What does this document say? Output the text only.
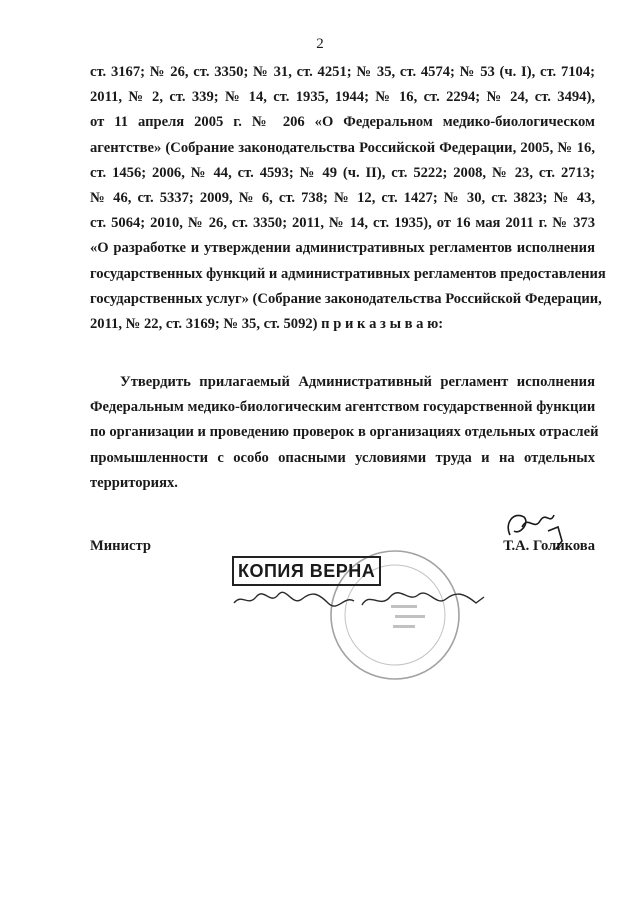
2
ст. 3167; № 26, ст. 3350; № 31, ст. 4251; № 35, ст. 4574; № 53 (ч. I), ст. 7104;
2011, № 2, ст. 339; № 14, ст. 1935, 1944; № 16, ст. 2294; № 24, ст. 3494),
от 11 апреля 2005 г. № 206 «О Федеральном медико-биологическом
агентстве» (Собрание законодательства Российской Федерации, 2005, № 16,
ст. 1456; 2006, № 44, ст. 4593; № 49 (ч. II), ст. 5222; 2008, № 23, ст. 2713;
№ 46, ст. 5337; 2009, № 6, ст. 738; № 12, ст. 1427; № 30, ст. 3823; № 43,
ст. 5064; 2010, № 26, ст. 3350; 2011, № 14, ст. 1935), от 16 мая 2011 г. № 373
«О разработке и утверждении административных регламентов исполнения
государственных функций и административных регламентов предоставления
государственных услуг» (Собрание законодательства Российской Федерации,
2011, № 22, ст. 3169; № 35, ст. 5092) п р и к а з ы в а ю:
Утвердить прилагаемый Административный регламент исполнения
Федеральным медико-биологическим агентством государственной функции
по организации и проведению проверок в организациях отдельных отраслей
промышленности с особо опасными условиями труда и на отдельных
территориях.
КОПИЯ ВЕРНА
Министр	Т.А. Голикова
